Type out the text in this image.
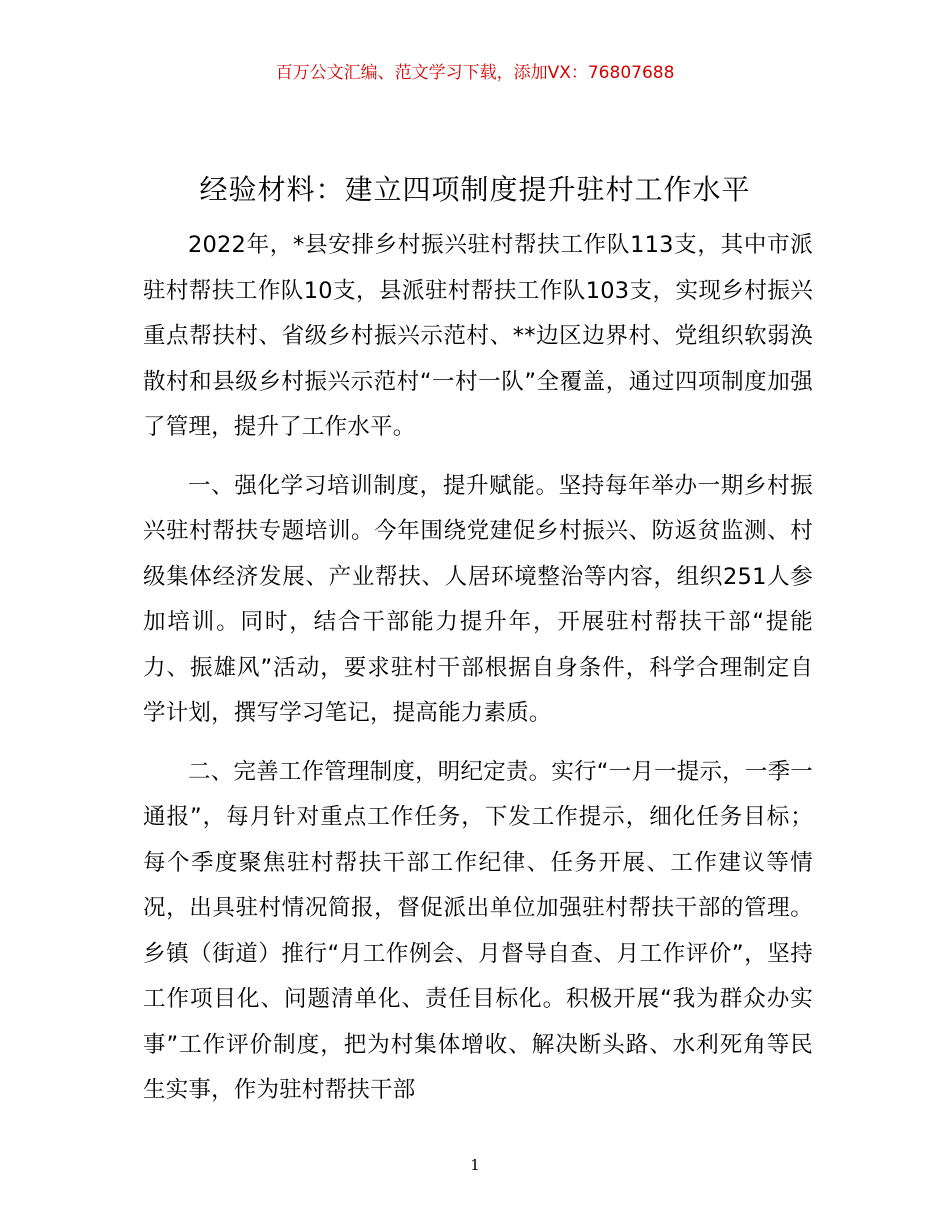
百万公文汇编、范文学习下载，添加VX：76807688
经验材料：建立四项制度提升驻村工作水平

2022年，*县安排乡村振兴驻村帮扶工作队113支，其中市派驻村帮扶工作队10支，县派驻村帮扶工作队103支，实现乡村振兴重点帮扶村、省级乡村振兴示范村、**边区边界村、党组织软弱涣散村和县级乡村振兴示范村“一村一队”全覆盖，通过四项制度加强了管理，提升了工作水平。

一、强化学习培训制度，提升赋能。坚持每年举办一期乡村振兴驻村帮扶专题培训。今年围绕党建促乡村振兴、防返贫监测、村级集体经济发展、产业帮扶、人居环境整治等内容，组织251人参加培训。同时，结合干部能力提升年，开展驻村帮扶干部“提能力、振雄风”活动，要求驻村干部根据自身条件，科学合理制定自学计划，撰写学习笔记，提高能力素质。

二、完善工作管理制度，明纪定责。实行“一月一提示，一季一通报”，每月针对重点工作任务，下发工作提示，细化任务目标；每个季度聚焦驻村帮扶干部工作纪律、任务开展、工作建议等情况，出具驻村情况简报，督促派出单位加强驻村帮扶干部的管理。乡镇（街道）推行“月工作例会、月督导自查、月工作评价”，坚持工作项目化、问题清单化、责任目标化。积极开展“我为群众办实事”工作评价制度，把为村集体增收、解决断头路、水利死角等民生实事，作为驻村帮扶干部

1
